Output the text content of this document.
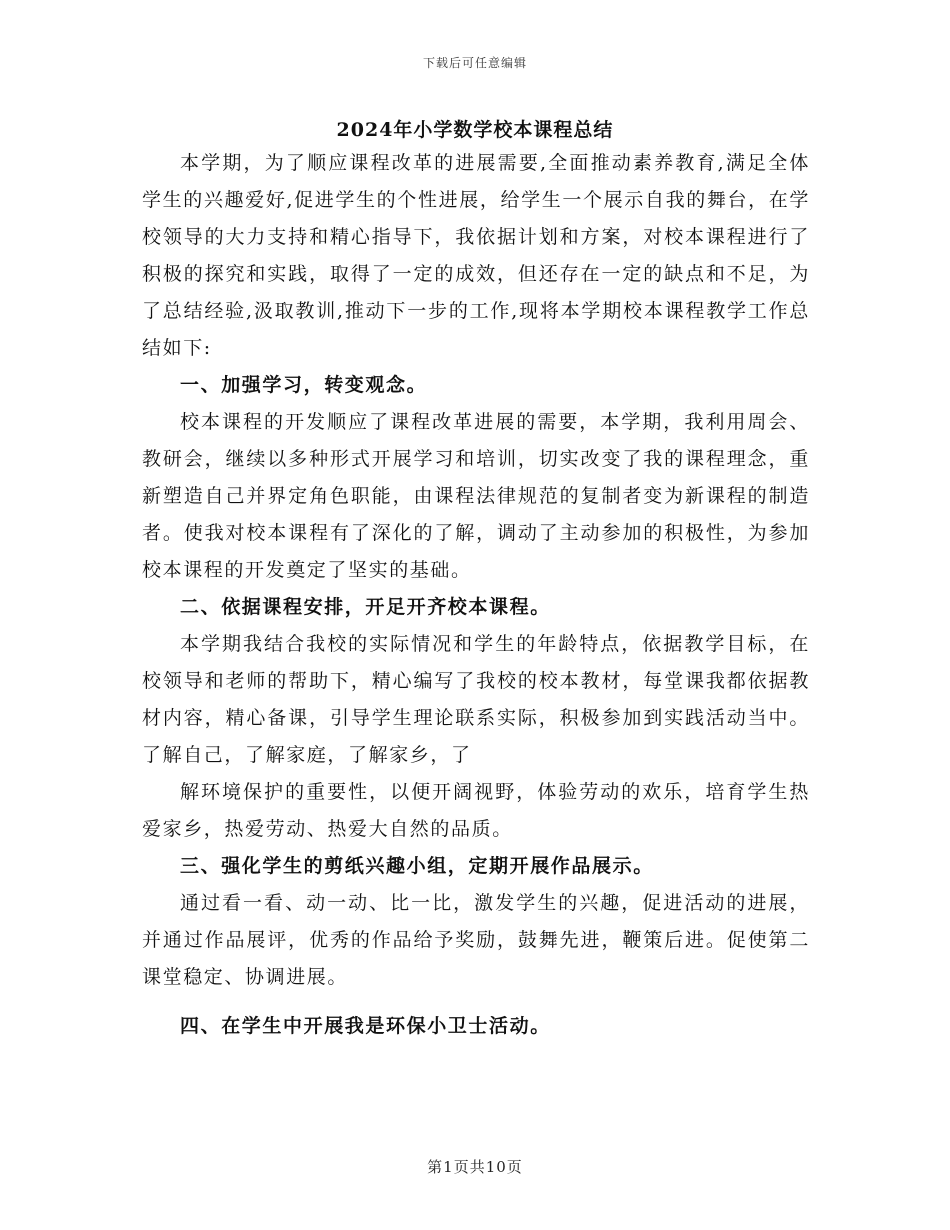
下载后可任意编辑
2024年小学数学校本课程总结

本学期，为了顺应课程改革的进展需要,全面推动素养教育,满足全体学生的兴趣爱好,促进学生的个性进展，给学生一个展示自我的舞台，在学校领导的大力支持和精心指导下，我依据计划和方案，对校本课程进行了积极的探究和实践，取得了一定的成效，但还存在一定的缺点和不足，为了总结经验,汲取教训,推动下一步的工作,现将本学期校本课程教学工作总结如下:

一、加强学习，转变观念。

校本课程的开发顺应了课程改革进展的需要，本学期，我利用周会、教研会，继续以多种形式开展学习和培训，切实改变了我的课程理念，重新塑造自己并界定角色职能，由课程法律规范的复制者变为新课程的制造者。使我对校本课程有了深化的了解，调动了主动参加的积极性，为参加校本课程的开发奠定了坚实的基础。

二、依据课程安排，开足开齐校本课程。

本学期我结合我校的实际情况和学生的年龄特点，依据教学目标，在校领导和老师的帮助下，精心编写了我校的校本教材，每堂课我都依据教材内容，精心备课，引导学生理论联系实际，积极参加到实践活动当中。了解自己，了解家庭，了解家乡，了

解环境保护的重要性，以便开阔视野，体验劳动的欢乐，培育学生热爱家乡，热爱劳动、热爱大自然的品质。

三、强化学生的剪纸兴趣小组，定期开展作品展示。

通过看一看、动一动、比一比，激发学生的兴趣，促进活动的进展，并通过作品展评，优秀的作品给予奖励，鼓舞先进，鞭策后进。促使第二课堂稳定、协调进展。

四、在学生中开展我是环保小卫士活动。

第1页共10页
